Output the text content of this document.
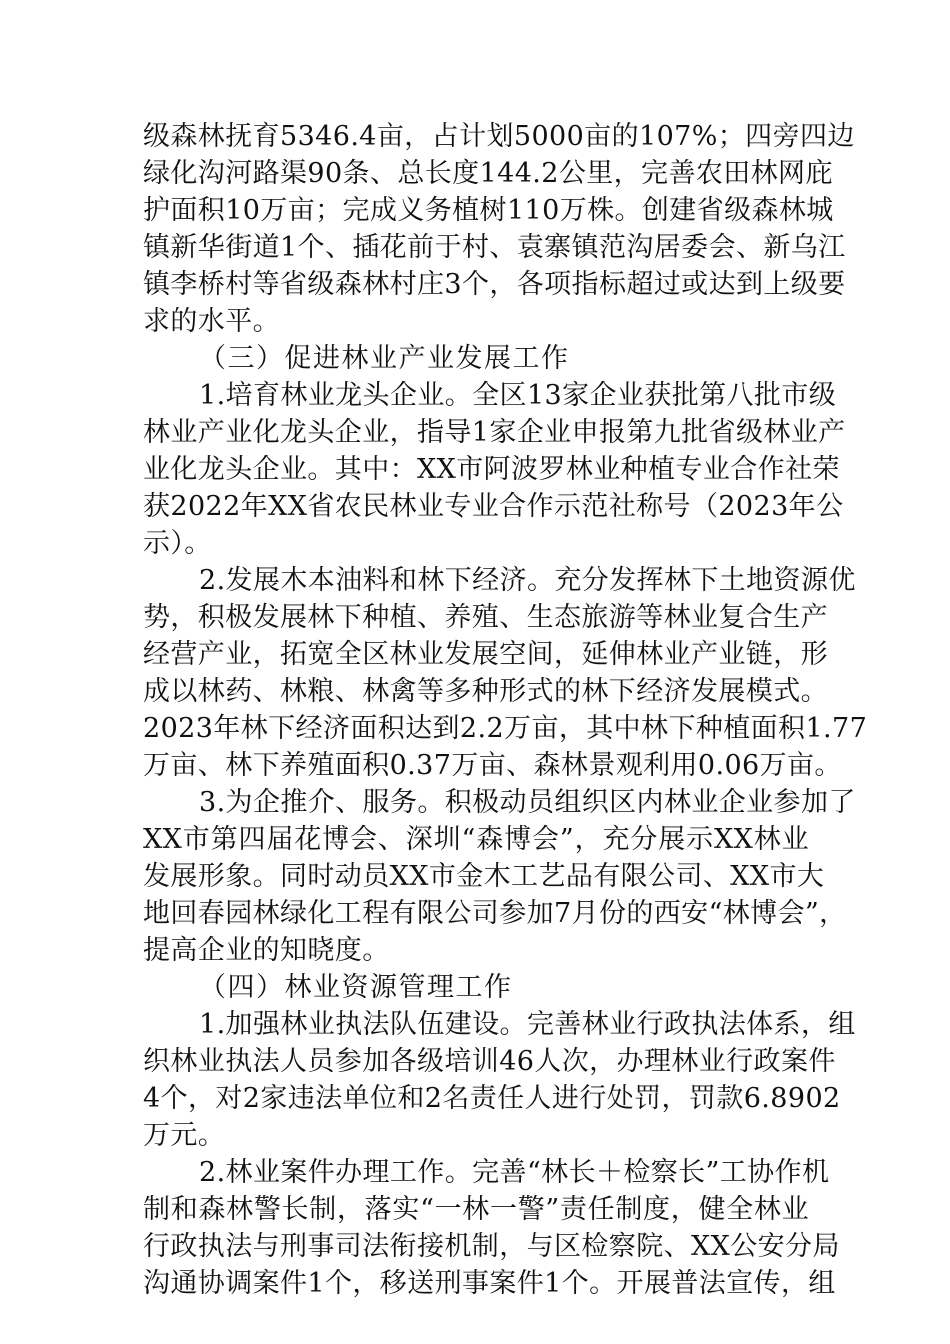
级森林抚育5346.4亩，占计划5000亩的107%；四旁四边
绿化沟河路渠90条、总长度144.2公里，完善农田林网庇
护面积10万亩；完成义务植树110万株。创建省级森林城
镇新华街道1个、插花前于村、袁寨镇范沟居委会、新乌江
镇李桥村等省级森林村庄3个，各项指标超过或达到上级要
求的水平。
（三）促进林业产业发展工作
1.培育林业龙头企业。全区13家企业获批第八批市级
林业产业化龙头企业，指导1家企业申报第九批省级林业产
业化龙头企业。其中：XX市阿波罗林业种植专业合作社荣
获2022年XX省农民林业专业合作示范社称号（2023年公
示）。
2.发展木本油料和林下经济。充分发挥林下土地资源优
势，积极发展林下种植、养殖、生态旅游等林业复合生产
经营产业，拓宽全区林业发展空间，延伸林业产业链，形
成以林药、林粮、林禽等多种形式的林下经济发展模式。
2023年林下经济面积达到2.2万亩，其中林下种植面积1.77
万亩、林下养殖面积0.37万亩、森林景观利用0.06万亩。
3.为企推介、服务。积极动员组织区内林业企业参加了
XX市第四届花博会、深圳“森博会”，充分展示XX林业
发展形象。同时动员XX市金木工艺品有限公司、XX市大
地回春园林绿化工程有限公司参加7月份的西安“林博会”，
提高企业的知晓度。
（四）林业资源管理工作
1.加强林业执法队伍建设。完善林业行政执法体系，组
织林业执法人员参加各级培训46人次，办理林业行政案件
4个，对2家违法单位和2名责任人进行处罚，罚款6.8902
万元。
2.林业案件办理工作。完善“林长＋检察长”工协作机
制和森林警长制，落实“一林一警”责任制度，健全林业
行政执法与刑事司法衔接机制，与区检察院、XX公安分局
沟通协调案件1个，移送刑事案件1个。开展普法宣传，组
